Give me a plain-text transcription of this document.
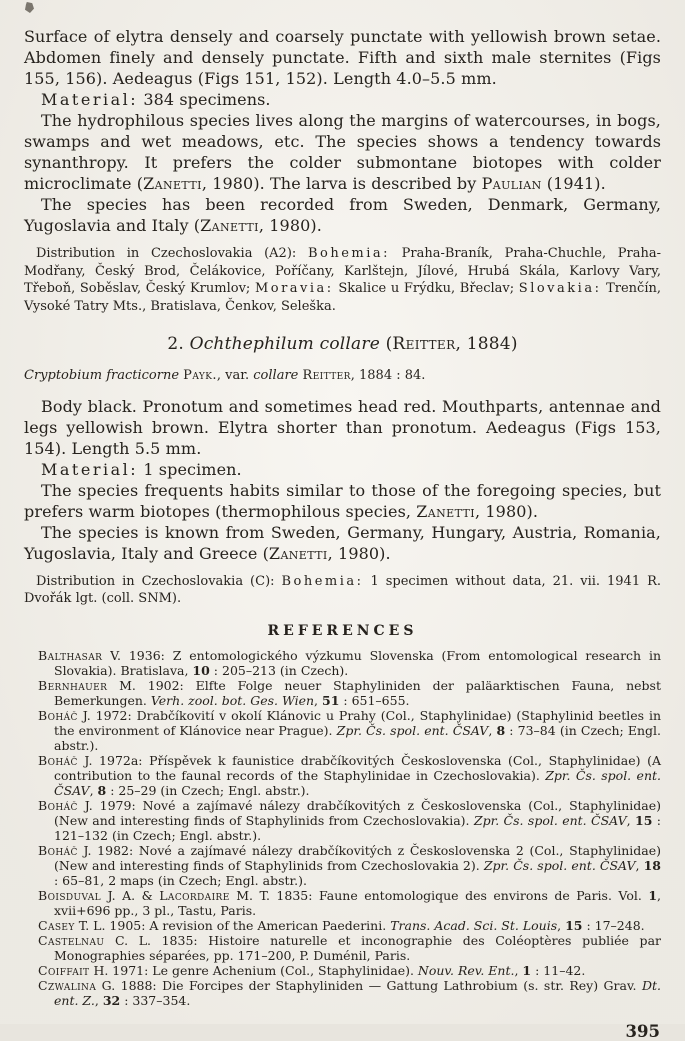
Surface of elytra densely and coarsely punctate with yellowish brown setae. Abdomen finely and densely punctate. Fifth and sixth male sternites (Figs 155, 156). Aedeagus (Figs 151, 152). Length 4.0–5.5 mm.

Material: 384 specimens.

The hydrophilous species lives along the margins of watercourses, in bogs, swamps and wet meadows, etc. The species shows a tendency towards synanthropy. It prefers the colder submontane biotopes with colder microclimate (Zanetti, 1980). The larva is described by Paulian (1941).

The species has been recorded from Sweden, Denmark, Germany, Yugoslavia and Italy (Zanetti, 1980).

Distribution in Czechoslovakia (A2): Bohemia: Praha-Braník, Praha-Chuchle, Praha-Modřany, Český Brod, Čelákovice, Poříčany, Karlštejn, Jílové, Hrubá Skála, Karlovy Vary, Třeboň, Soběslav, Český Krumlov; Moravia: Skalice u Frýdku, Břeclav; Slovakia: Trenčín, Vysoké Tatry Mts., Bratislava, Čenkov, Seleška.

2. Ochthephilum collare (Reitter, 1884)

Cryptobium fracticorne Payk., var. collare Reitter, 1884 : 84.

Body black. Pronotum and sometimes head red. Mouthparts, antennae and legs yellowish brown. Elytra shorter than pronotum. Aedeagus (Figs 153, 154). Length 5.5 mm.

Material: 1 specimen.

The species frequents habits similar to those of the foregoing species, but prefers warm biotopes (thermophilous species, Zanetti, 1980).

The species is known from Sweden, Germany, Hungary, Austria, Romania, Yugoslavia, Italy and Greece (Zanetti, 1980).

Distribution in Czechoslovakia (C): Bohemia: 1 specimen without data, 21. vii. 1941 R. Dvořák lgt. (coll. SNM).

REFERENCES

Balthasar V. 1936: Z entomologického výzkumu Slovenska (From entomological research in Slovakia). Bratislava, 10 : 205–213 (in Czech).

Bernhauer M. 1902: Elfte Folge neuer Staphyliniden der paläarktischen Fauna, nebst Bemerkungen. Verh. zool. bot. Ges. Wien, 51 : 651–655.

Boháč J. 1972: Drabčíkovití v okolí Klánovic u Prahy (Col., Staphylinidae) (Staphylinid beetles in the environment of Klánovice near Prague). Zpr. Čs. spol. ent. ČSAV, 8 : 73–84 (in Czech; Engl. abstr.).

Boháč J. 1972a: Příspěvek k faunistice drabčíkovitých Československa (Col., Staphylinidae) (A contribution to the faunal records of the Staphylinidae in Czechoslovakia). Zpr. Čs. spol. ent. ČSAV, 8 : 25–29 (in Czech; Engl. abstr.).

Boháč J. 1979: Nové a zajímavé nálezy drabčíkovitých z Československa (Col., Staphylinidae) (New and interesting finds of Staphylinids from Czechoslovakia). Zpr. Čs. spol. ent. ČSAV, 15 : 121–132 (in Czech; Engl. abstr.).

Boháč J. 1982: Nové a zajímavé nálezy drabčíkovitých z Československa 2 (Col., Staphylinidae) (New and interesting finds of Staphylinids from Czechoslovakia 2). Zpr. Čs. spol. ent. ČSAV, 18 : 65–81, 2 maps (in Czech; Engl. abstr.).

Boisduval J. A. & Lacordaire M. T. 1835: Faune entomologique des environs de Paris. Vol. 1, xvii+696 pp., 3 pl., Tastu, Paris.

Casey T. L. 1905: A revision of the American Paederini. Trans. Acad. Sci. St. Louis, 15 : 17–248.

Castelnau C. L. 1835: Histoire naturelle et inconographie des Coléoptères publiée par Monographies séparées, pp. 171–200, P. Duménil, Paris.

Coiffait H. 1971: Le genre Achenium (Col., Staphylinidae). Nouv. Rev. Ent., 1 : 11–42.

Czwalina G. 1888: Die Forcipes der Staphyliniden — Gattung Lathrobium (s. str. Rey) Grav. Dt. ent. Z., 32 : 337–354.

395
